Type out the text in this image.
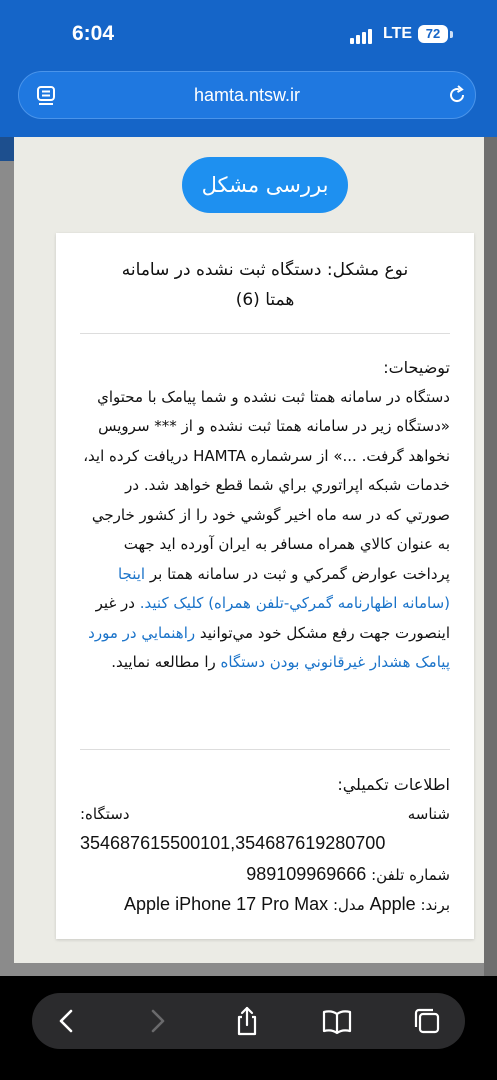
6:04	LTE	72
hamta.ntsw.ir
بررسی مشکل
نوع مشکل: دستگاه ثبت نشده در سامانه
همتا (6)
توضيحات:
دستگاه در سامانه همتا ثبت نشده و شما پیامک با محتواي «دستگاه زير در سامانه همتا ثبت نشده و از *** سرويس نخواهد گرفت. ...» از سرشماره HAMTA دريافت كرده ايد، خدمات شبكه اپراتوري براي شما قطع خواهد شد. در صورتي كه در سه ماه اخير گوشي خود را از كشور خارجي به عنوان كالاي همراه مسافر به ايران آورده ايد جهت پرداخت عوارض گمركي و ثبت در سامانه همتا بر اينجا (سامانه اظهارنامه گمركي-تلفن همراه) كليک كنيد. در غير اينصورت جهت رفع مشكل خود مي‌توانيد راهنمايي در مورد پيامک هشدار غيرقانوني بودن دستگاه را مطالعه نماييد.
اطلاعات تكميلي:
شناسه
دستگاه:
354687615500101,354687619280700
شماره تلفن: 989109969666
برند: Apple مدل: Apple iPhone 17 Pro Max
